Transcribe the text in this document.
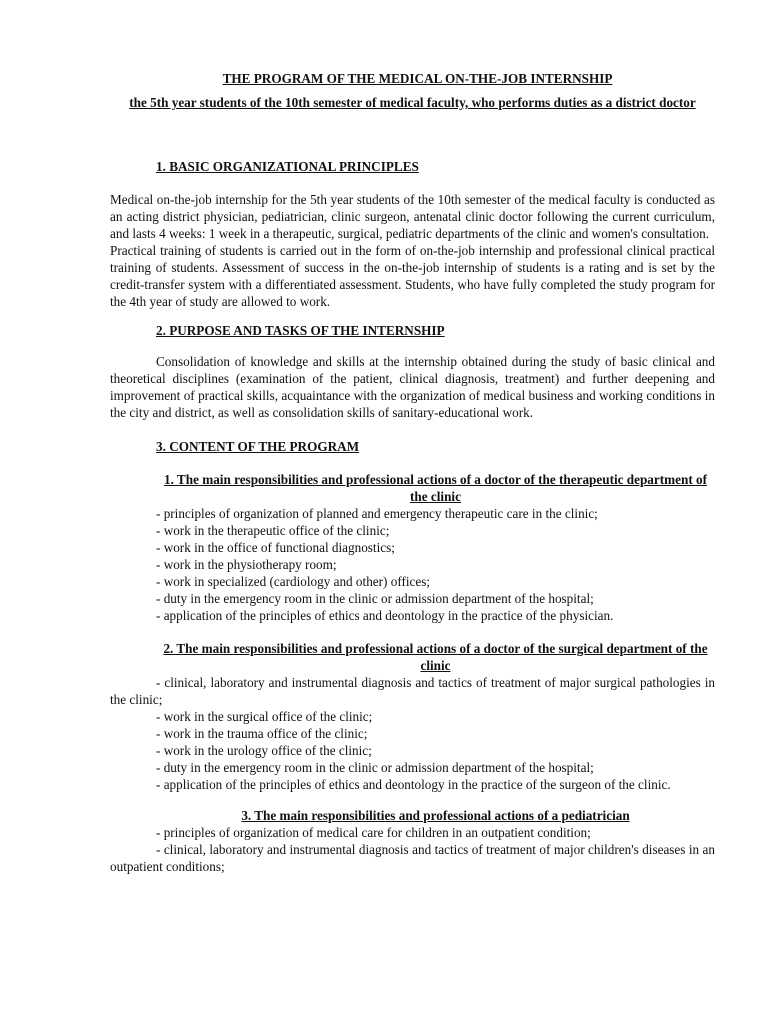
THE PROGRAM OF THE MEDICAL ON-THE-JOB INTERNSHIP

the 5th year students of the 10th semester of medical faculty, who performs duties as a district doctor

1. BASIC ORGANIZATIONAL PRINCIPLES

Medical on-the-job internship for the 5th year students of the 10th semester of the medical faculty is conducted as an acting district physician, pediatrician, clinic surgeon, antenatal clinic doctor following the current curriculum, and lasts 4 weeks: 1 week in a therapeutic, surgical, pediatric departments of the clinic and women's consultation.

Practical training of students is carried out in the form of on-the-job internship and professional clinical practical training of students. Assessment of success in the on-the-job internship of students is a rating and is set by the credit-transfer system with a differentiated assessment. Students, who have fully completed the study program for the 4th year of study are allowed to work.

2. PURPOSE AND TASKS OF THE INTERNSHIP

Consolidation of knowledge and skills at the internship obtained during the study of basic clinical and theoretical disciplines (examination of the patient, clinical diagnosis, treatment) and further deepening and improvement of practical skills, acquaintance with the organization of medical business and working conditions in the city and district, as well as consolidation skills of sanitary-educational work.

3. CONTENT OF THE PROGRAM

1. The main responsibilities and professional actions of a doctor of the therapeutic department of the clinic

- principles of organization of planned and emergency therapeutic care in the clinic;
- work in the therapeutic office of the clinic;
- work in the office of functional diagnostics;
- work in the physiotherapy room;
- work in specialized (cardiology and other) offices;
- duty in the emergency room in the clinic or admission department of the hospital;
- application of the principles of ethics and deontology in the practice of the physician.

2. The main responsibilities and professional actions of a doctor of the surgical department of the clinic

- clinical, laboratory and instrumental diagnosis and tactics of treatment of major surgical pathologies in the clinic;
- work in the surgical office of the clinic;
- work in the trauma office of the clinic;
- work in the urology office of the clinic;
- duty in the emergency room in the clinic or admission department of the hospital;
- application of the principles of ethics and deontology in the practice of the surgeon of the clinic.

3. The main responsibilities and professional actions of a pediatrician

- principles of organization of medical care for children in an outpatient condition;
- clinical, laboratory and instrumental diagnosis and tactics of treatment of major children's diseases in an outpatient conditions;
